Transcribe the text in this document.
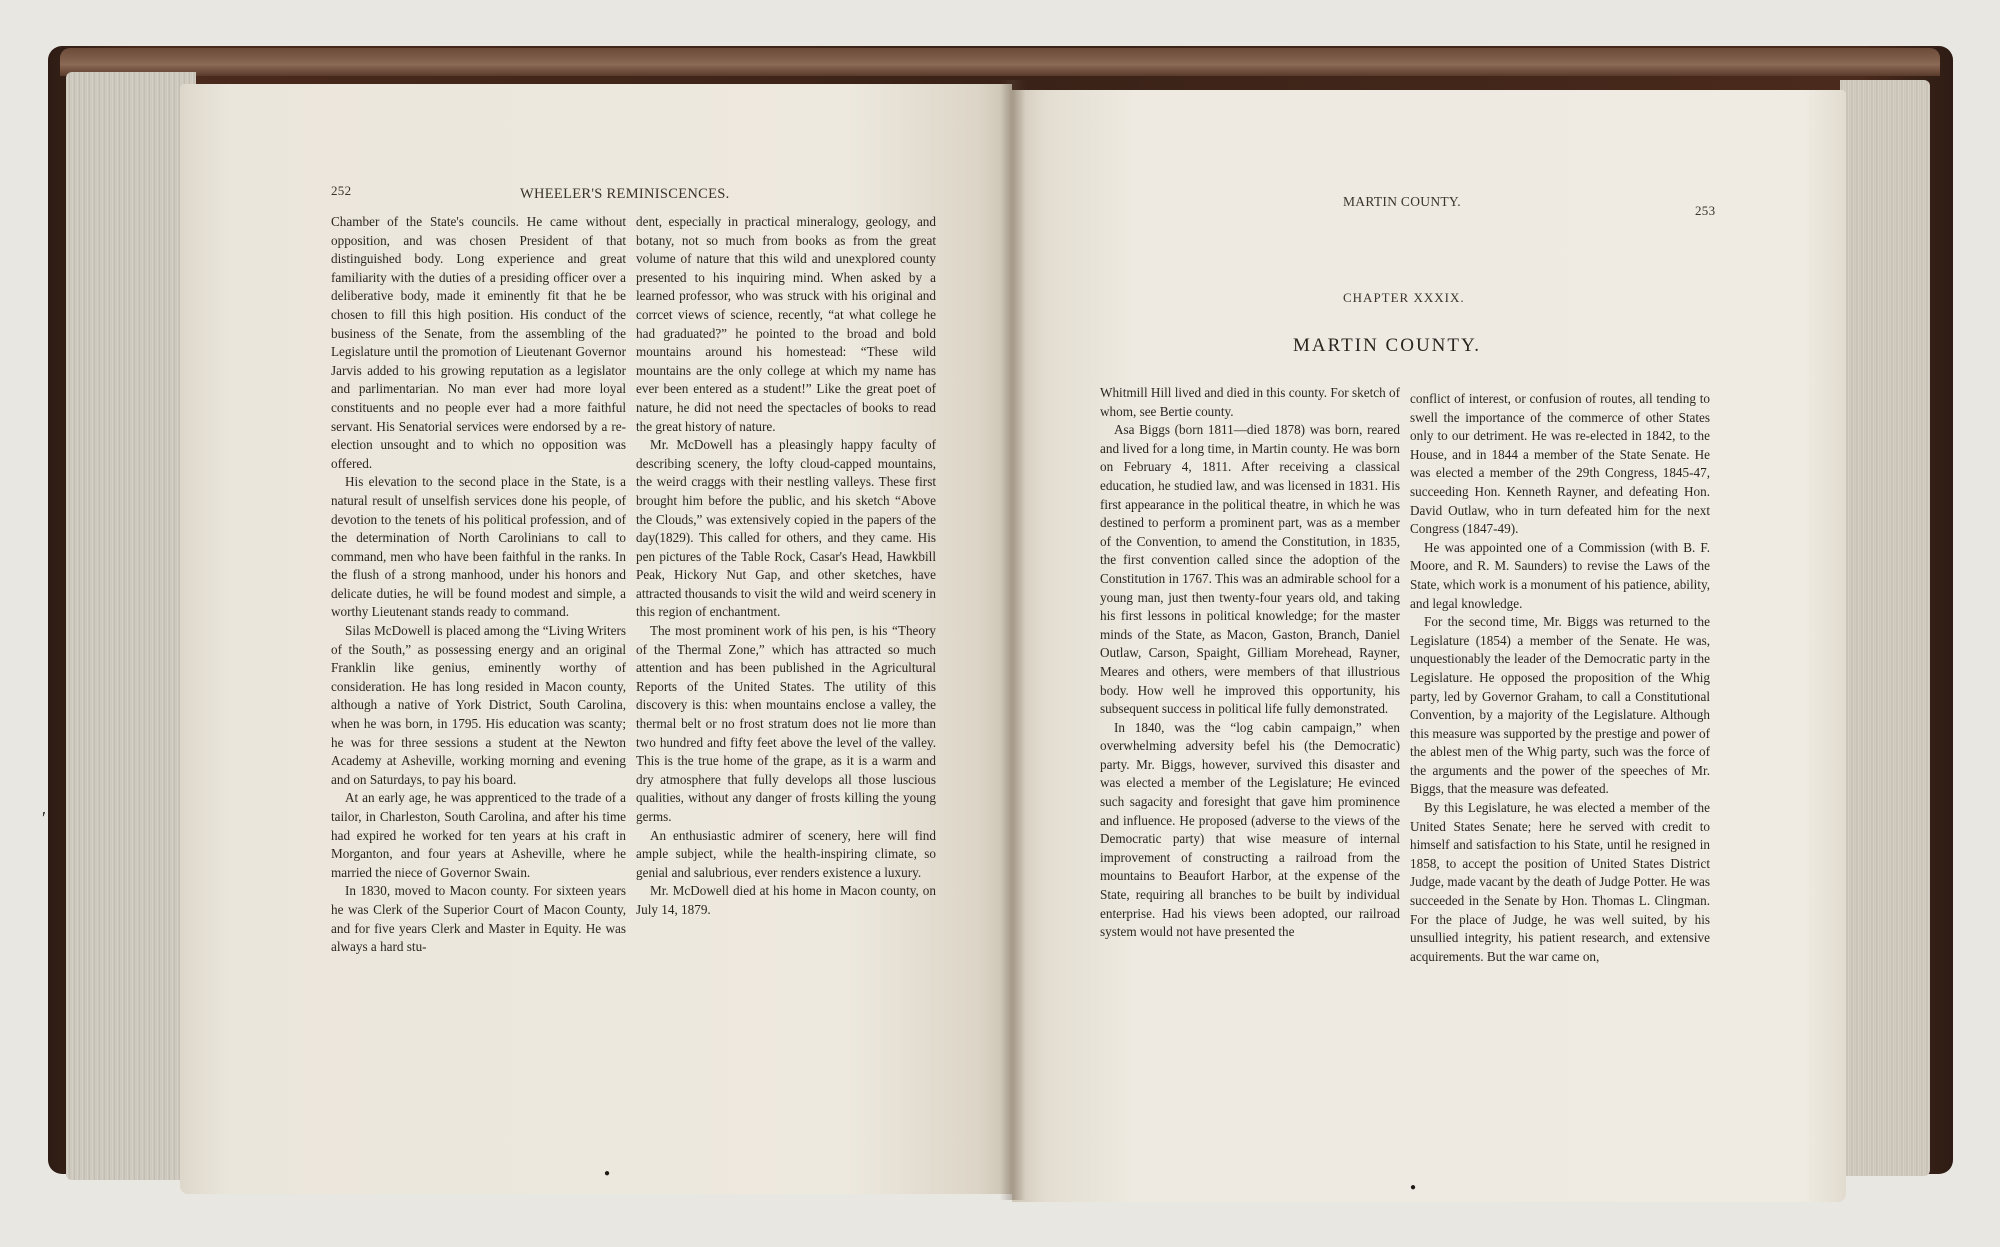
252	WHEELER'S REMINISCENCES.

Chamber of the State's councils. He came without opposition, and was chosen President of that distinguished body. Long experience and great familiarity with the duties of a presiding officer over a deliberative body, made it eminently fit that he be chosen to fill this high position. His conduct of the business of the Senate, from the assembling of the Legislature until the promotion of Lieutenant Governor Jarvis added to his growing reputation as a legislator and parlimentarian. No man ever had more loyal constituents and no people ever had a more faithful servant. His Senatorial services were endorsed by a re-election unsought and to which no opposition was offered.

His elevation to the second place in the State, is a natural result of unselfish services done his people, of devotion to the tenets of his political profession, and of the determination of North Carolinians to call to command, men who have been faithful in the ranks. In the flush of a strong manhood, under his honors and delicate duties, he will be found modest and simple, a worthy Lieutenant stands ready to command.

Silas McDowell is placed among the “Living Writers of the South,” as possessing energy and an original Franklin like genius, eminently worthy of consideration. He has long resided in Macon county, although a native of York District, South Carolina, when he was born, in 1795. His education was scanty; he was for three sessions a student at the Newton Academy at Asheville, working morning and evening and on Saturdays, to pay his board.

At an early age, he was apprenticed to the trade of a tailor, in Charleston, South Carolina, and after his time had expired he worked for ten years at his craft in Morganton, and four years at Asheville, where he married the niece of Governor Swain.

In 1830, moved to Macon county. For sixteen years he was Clerk of the Superior Court of Macon County, and for five years Clerk and Master in Equity. He was always a hard stu-

dent, especially in practical mineralogy, geology, and botany, not so much from books as from the great volume of nature that this wild and unexplored county presented to his inquiring mind. When asked by a learned professor, who was struck with his original and corrcet views of science, recently, “at what college he had graduated?” he pointed to the broad and bold mountains around his homestead: “These wild mountains are the only college at which my name has ever been entered as a student!” Like the great poet of nature, he did not need the spectacles of books to read the great history of nature.

Mr. McDowell has a pleasingly happy faculty of describing scenery, the lofty cloud-capped mountains, the weird craggs with their nestling valleys. These first brought him before the public, and his sketch “Above the Clouds,” was extensively copied in the papers of the day(1829). This called for others, and they came. His pen pictures of the Table Rock, Casar's Head, Hawkbill Peak, Hickory Nut Gap, and other sketches, have attracted thousands to visit the wild and weird scenery in this region of enchantment.

The most prominent work of his pen, is his “Theory of the Thermal Zone,” which has attracted so much attention and has been published in the Agricultural Reports of the United States. The utility of this discovery is this: when mountains enclose a valley, the thermal belt or no frost stratum does not lie more than two hundred and fifty feet above the level of the valley. This is the true home of the grape, as it is a warm and dry atmosphere that fully develops all those luscious qualities, without any danger of frosts killing the young germs.

An enthusiastic admirer of scenery, here will find ample subject, while the health-inspiring climate, so genial and salubrious, ever renders existence a luxury.

Mr. McDowell died at his home in Macon county, on July 14, 1879.

MARTIN COUNTY.
253
CHAPTER XXXIX.
MARTIN COUNTY.

Whitmill Hill lived and died in this county. For sketch of whom, see Bertie county.

Asa Biggs (born 1811—died 1878) was born, reared and lived for a long time, in Martin county. He was born on February 4, 1811. After receiving a classical education, he studied law, and was licensed in 1831. His first appearance in the political theatre, in which he was destined to perform a prominent part, was as a member of the Convention, to amend the Constitution, in 1835, the first convention called since the adoption of the Constitution in 1767. This was an admirable school for a young man, just then twenty-four years old, and taking his first lessons in political knowledge; for the master minds of the State, as Macon, Gaston, Branch, Daniel Outlaw, Carson, Spaight, Gilliam Morehead, Rayner, Meares and others, were members of that illustrious body. How well he improved this opportunity, his subsequent success in political life fully demonstrated.

In 1840, was the “log cabin campaign,” when overwhelming adversity befel his (the Democratic) party. Mr. Biggs, however, survived this disaster and was elected a member of the Legislature; He evinced such sagacity and foresight that gave him prominence and influence. He proposed (adverse to the views of the Democratic party) that wise measure of internal improvement of constructing a railroad from the mountains to Beaufort Harbor, at the expense of the State, requiring all branches to be built by individual enterprise. Had his views been adopted, our railroad system would not have presented the

conflict of interest, or confusion of routes, all tending to swell the importance of the commerce of other States only to our detriment. He was re-elected in 1842, to the House, and in 1844 a member of the State Senate. He was elected a member of the 29th Congress, 1845-47, succeeding Hon. Kenneth Rayner, and defeating Hon. David Outlaw, who in turn defeated him for the next Congress (1847-49).

He was appointed one of a Commission (with B. F. Moore, and R. M. Saunders) to revise the Laws of the State, which work is a monument of his patience, ability, and legal knowledge.

For the second time, Mr. Biggs was returned to the Legislature (1854) a member of the Senate. He was, unquestionably the leader of the Democratic party in the Legislature. He opposed the proposition of the Whig party, led by Governor Graham, to call a Constitutional Convention, by a majority of the Legislature. Although this measure was supported by the prestige and power of the ablest men of the Whig party, such was the force of the arguments and the power of the speeches of Mr. Biggs, that the measure was defeated.

By this Legislature, he was elected a member of the United States Senate; here he served with credit to himself and satisfaction to his State, until he resigned in 1858, to accept the position of United States District Judge, made vacant by the death of Judge Potter. He was succeeded in the Senate by Hon. Thomas L. Clingman. For the place of Judge, he was well suited, by his unsullied integrity, his patient research, and extensive acquirements. But the war came on,

′
●
●
